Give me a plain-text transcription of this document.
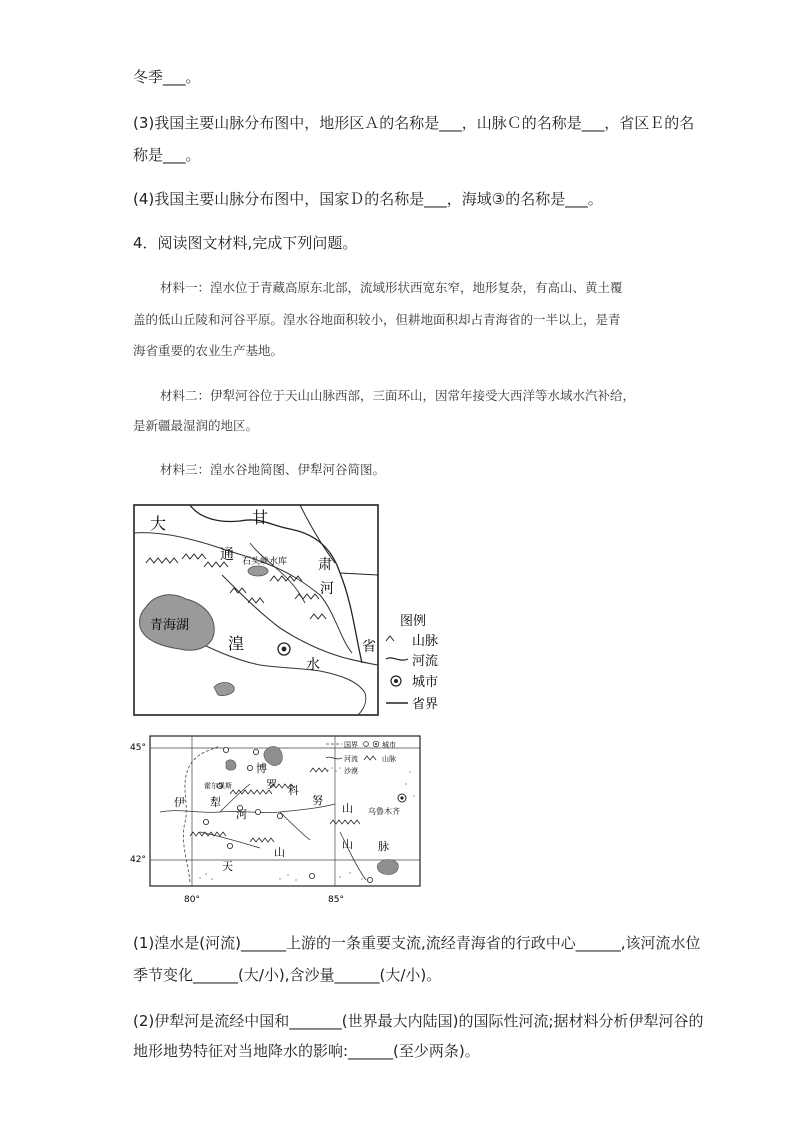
冬季___。
(3)我国主要山脉分布图中，地形区Ａ的名称是___，山脉Ｃ的名称是___，省区Ｅ的名
称是___。
(4)我国主要山脉分布图中，国家Ｄ的名称是___，海域③的名称是___。
4．阅读图文材料,完成下列问题。
材料一：湟水位于青藏高原东北部，流域形状西宽东窄，地形复杂，有高山、黄土覆
盖的低山丘陵和河谷平原。湟水谷地面积较小，但耕地面积却占青海省的一半以上，是青
海省重要的农业生产基地。
材料二：伊犁河谷位于天山山脉西部，三面环山，因常年接受大西洋等水域水汽补给，
是新疆最湿润的地区。
材料三：湟水谷地简图、伊犁河谷简图。
大	甘
通
肃
石头峡水库
河
青海湖
湟
水
省
图例
山脉
河流
城市
省界
45°
42°
80°	85°
博
罗 科
努
山
山 脉
伊 犁
河
天
山
霍尔果斯
乌鲁木齐
国界	城市
河流	山脉
沙漠
(1)湟水是(河流)______上游的一条重要支流,流经青海省的行政中心______,该河流水位
季节变化______(大/小),含沙量______(大/小)。
(2)伊犁河是流经中国和_______(世界最大内陆国)的国际性河流;据材料分析伊犁河谷的
地形地势特征对当地降水的影响:______(至少两条)。
